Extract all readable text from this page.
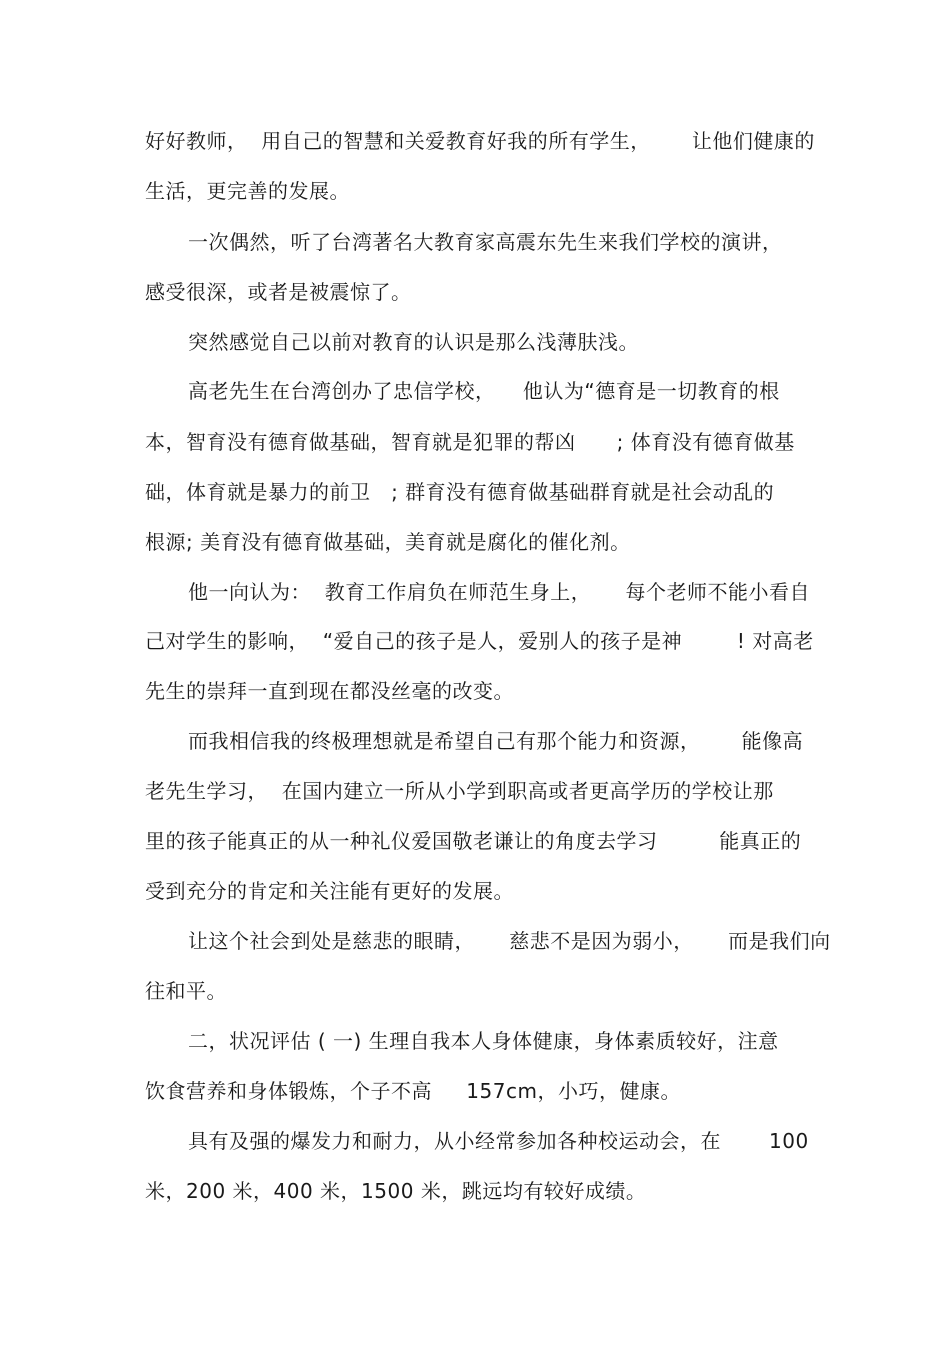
好好教师，  用自己的智慧和关爱教育好我的所有学生，      让他们健康的
生活，更完善的发展。
一次偶然，听了台湾著名大教育家高震东先生来我们学校的演讲，
感受很深，或者是被震惊了。
突然感觉自己以前对教育的认识是那么浅薄肤浅。
高老先生在台湾创办了忠信学校，    他认为“德育是一切教育的根
本，智育没有德育做基础，智育就是犯罪的帮凶      ; 体育没有德育做基
础，体育就是暴力的前卫   ; 群育没有德育做基础群育就是社会动乱的
根源; 美育没有德育做基础，美育就是腐化的催化剂。
他一向认为：  教育工作肩负在师范生身上，     每个老师不能小看自
己对学生的影响，  “爱自己的孩子是人，爱别人的孩子是神        ! 对高老
先生的崇拜一直到现在都没丝毫的改变。
而我相信我的终极理想就是希望自己有那个能力和资源，      能像高
老先生学习，  在国内建立一所从小学到职高或者更高学历的学校让那
里的孩子能真正的从一种礼仪爱国敬老谦让的角度去学习         能真正的
受到充分的肯定和关注能有更好的发展。
让这个社会到处是慈悲的眼睛，     慈悲不是因为弱小，     而是我们向
往和平。
二，状况评估 ( 一) 生理自我本人身体健康，身体素质较好，注意
饮食营养和身体锻炼，个子不高     157cm，小巧，健康。
具有及强的爆发力和耐力，从小经常参加各种校运动会，在       100
米，200 米，400 米，1500 米，跳远均有较好成绩。
